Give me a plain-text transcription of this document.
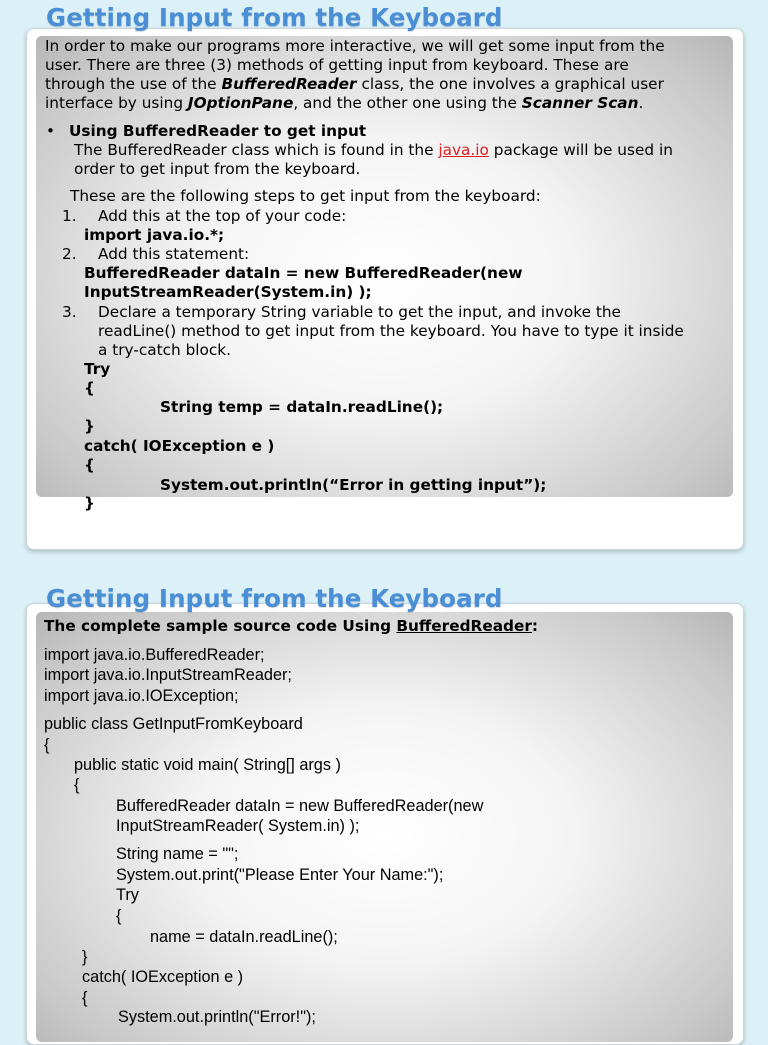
Getting Input from the Keyboard
In order to make our programs more interactive, we will get some input from the
user. There are three (3) methods of getting input from keyboard. These are
through the use of the BufferedReader class, the one involves a graphical user
interface by using JOptionPane, and the other one using the Scanner Scan.
• Using BufferedReader to get input
The BufferedReader class which is found in the java.io package will be used in
order to get input from the keyboard.
These are the following steps to get input from the keyboard:
1. Add this at the top of your code:
import java.io.*;
2. Add this statement:
BufferedReader dataIn = new BufferedReader(new
InputStreamReader(System.in) );
3. Declare a temporary String variable to get the input, and invoke the
readLine() method to get input from the keyboard. You have to type it inside
a try-catch block.
Try
{
String temp = dataIn.readLine();
}
catch( IOException e )
{
System.out.println(“Error in getting input”);
}
Getting Input from the Keyboard
The complete sample source code Using BufferedReader:
import java.io.BufferedReader;
import java.io.InputStreamReader;
import java.io.IOException;
public class GetInputFromKeyboard
{
public static void main( String[] args )
{
BufferedReader dataIn = new BufferedReader(new
InputStreamReader( System.in) );
String name = "";
System.out.print("Please Enter Your Name:");
Try
{
name = dataIn.readLine();
}
catch( IOException e )
{
System.out.println("Error!");
